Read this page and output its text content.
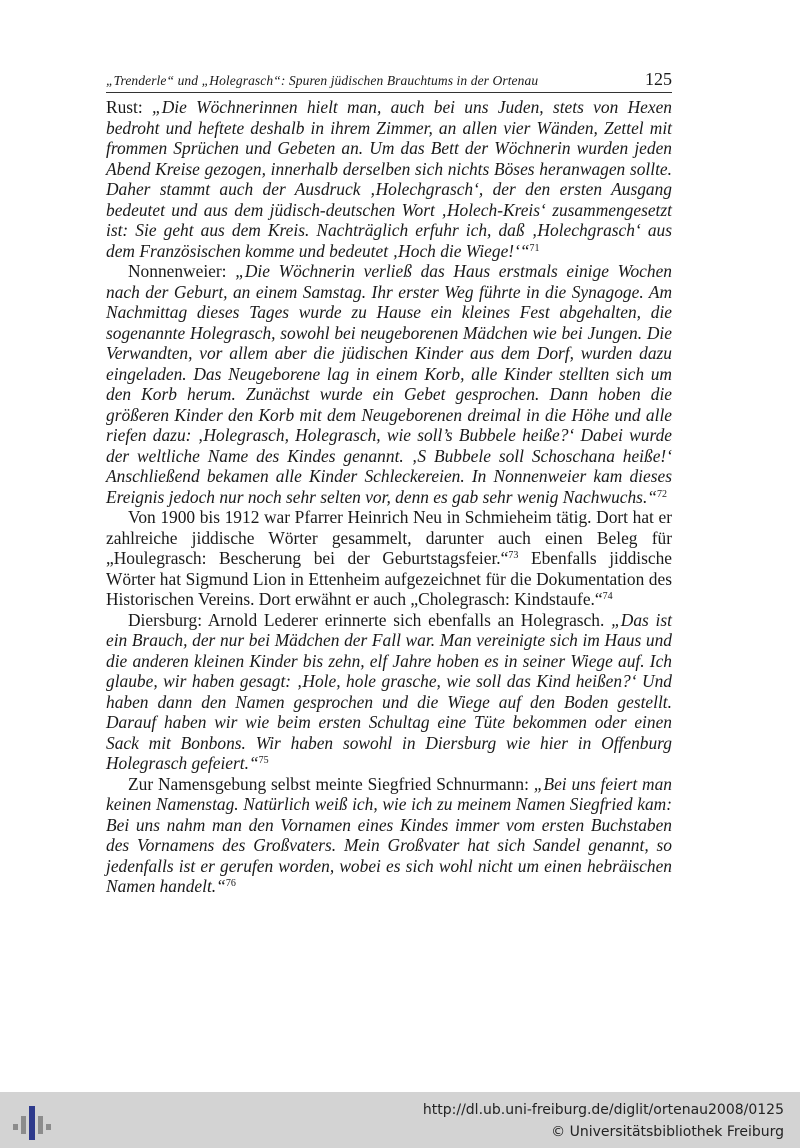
„Trenderle“ und „Holegrasch“: Spuren jüdischen Brauchtums in der Ortenau	125

Rust: „Die Wöchnerinnen hielt man, auch bei uns Juden, stets von Hexen bedroht und heftete deshalb in ihrem Zimmer, an allen vier Wänden, Zettel mit frommen Sprüchen und Gebeten an. Um das Bett der Wöchnerin wurden jeden Abend Kreise gezogen, innerhalb derselben sich nichts Böses heranwagen sollte. Daher stammt auch der Ausdruck ‚Holechgrasch‘, der den ersten Ausgang bedeutet und aus dem jüdisch-deutschen Wort ‚Holech-Kreis‘ zusammengesetzt ist: Sie geht aus dem Kreis. Nachträglich erfuhr ich, daß ‚Holechgrasch‘ aus dem Französischen komme und bedeutet ‚Hoch die Wiege!‘“$^{71}$

Nonnenweier: „Die Wöchnerin verließ das Haus erstmals einige Wochen nach der Geburt, an einem Samstag. Ihr erster Weg führte in die Synagoge. Am Nachmittag dieses Tages wurde zu Hause ein kleines Fest abgehalten, die sogenannte Holegrasch, sowohl bei neugeborenen Mädchen wie bei Jungen. Die Verwandten, vor allem aber die jüdischen Kinder aus dem Dorf, wurden dazu eingeladen. Das Neugeborene lag in einem Korb, alle Kinder stellten sich um den Korb herum. Zunächst wurde ein Gebet gesprochen. Dann hoben die größeren Kinder den Korb mit dem Neugeborenen dreimal in die Höhe und alle riefen dazu: ‚Holegrasch, Holegrasch, wie soll’s Bubbele heiße?‘ Dabei wurde der weltliche Name des Kindes genannt. ‚S Bubbele soll Schoschana heiße!‘ Anschließend bekamen alle Kinder Schleckereien. In Nonnenweier kam dieses Ereignis jedoch nur noch sehr selten vor, denn es gab sehr wenig Nachwuchs.“$^{72}$

Von 1900 bis 1912 war Pfarrer Heinrich Neu in Schmieheim tätig. Dort hat er zahlreiche jiddische Wörter gesammelt, darunter auch einen Beleg für „Houlegrasch: Bescherung bei der Geburtstagsfeier.“$^{73}$ Ebenfalls jiddische Wörter hat Sigmund Lion in Ettenheim aufgezeichnet für die Dokumentation des Historischen Vereins. Dort erwähnt er auch „Cholegrasch: Kindstaufe.“$^{74}$

Diersburg: Arnold Lederer erinnerte sich ebenfalls an Holegrasch. „Das ist ein Brauch, der nur bei Mädchen der Fall war. Man vereinigte sich im Haus und die anderen kleinen Kinder bis zehn, elf Jahre hoben es in seiner Wiege auf. Ich glaube, wir haben gesagt: ‚Hole, hole grasche, wie soll das Kind heißen?‘ Und haben dann den Namen gesprochen und die Wiege auf den Boden gestellt. Darauf haben wir wie beim ersten Schultag eine Tüte bekommen oder einen Sack mit Bonbons. Wir haben sowohl in Diersburg wie hier in Offenburg Holegrasch gefeiert.“$^{75}$

Zur Namensgebung selbst meinte Siegfried Schnurmann: „Bei uns feiert man keinen Namenstag. Natürlich weiß ich, wie ich zu meinem Namen Siegfried kam: Bei uns nahm man den Vornamen eines Kindes immer vom ersten Buchstaben des Vornamens des Großvaters. Mein Großvater hat sich Sandel genannt, so jedenfalls ist er gerufen worden, wobei es sich wohl nicht um einen hebräischen Namen handelt.“$^{76}$

http://dl.ub.uni-freiburg.de/diglit/ortenau2008/0125
© Universitätsbibliothek Freiburg
